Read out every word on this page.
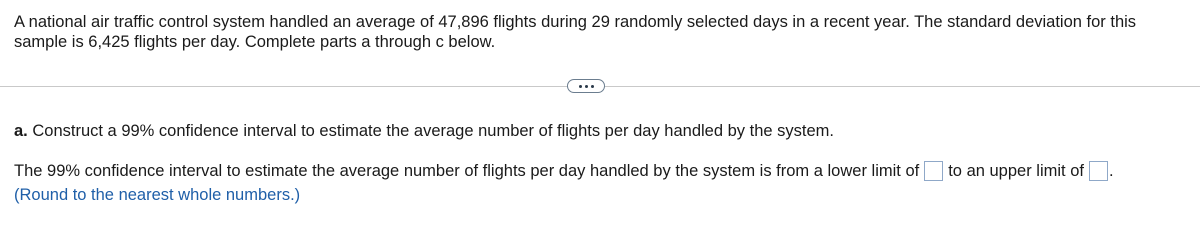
A national air traffic control system handled an average of 47,896 flights during 29 randomly selected days in a recent year. The standard deviation for this sample is 6,425 flights per day. Complete parts a through c below.
a. Construct a 99% confidence interval to estimate the average number of flights per day handled by the system.
The 99% confidence interval to estimate the average number of flights per day handled by the system is from a lower limit of to an upper limit of .
(Round to the nearest whole numbers.)
